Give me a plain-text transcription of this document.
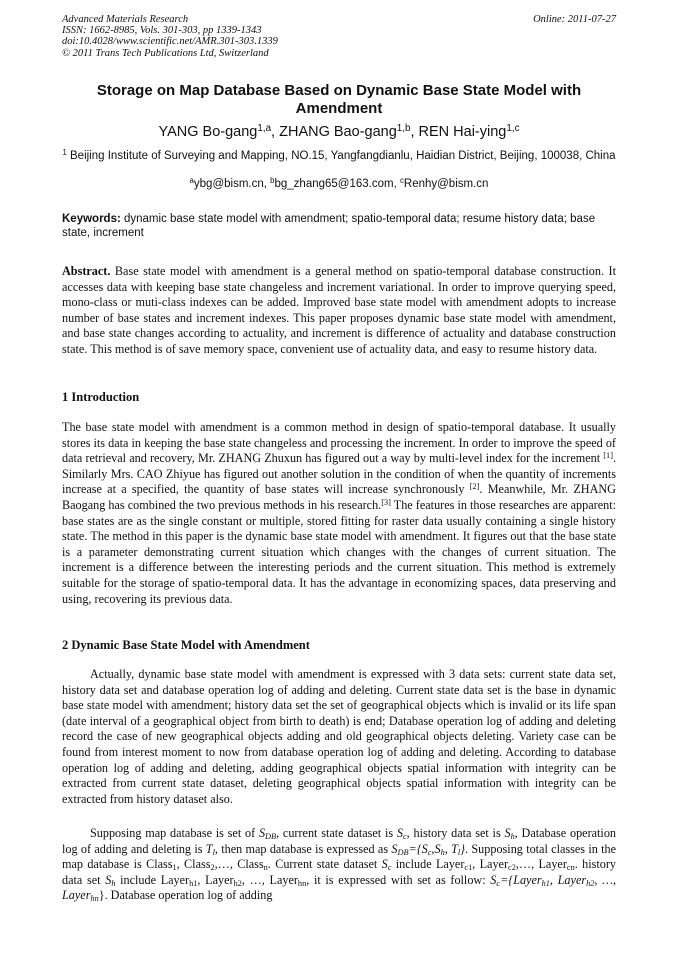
Advanced Materials Research
ISSN: 1662-8985, Vols. 301-303, pp 1339-1343
doi:10.4028/www.scientific.net/AMR.301-303.1339
© 2011 Trans Tech Publications Ltd, Switzerland
Online: 2011-07-27
Storage on Map Database Based on Dynamic Base State Model with Amendment
YANG Bo-gang$^{1,a}$, ZHANG Bao-gang$^{1,b}$, REN Hai-ying$^{1,c}$
$^1$ Beijing Institute of Surveying and Mapping, NO.15, Yangfangdianlu, Haidian District, Beijing, 100038, China
$^a$ybg@bism.cn, $^b$bg_zhang65@163.com, $^c$Renhy@bism.cn
Keywords: dynamic base state model with amendment; spatio-temporal data; resume history data; base state, increment
Abstract. Base state model with amendment is a general method on spatio-temporal database construction. It accesses data with keeping base state changeless and increment variational. In order to improve querying speed, mono-class or muti-class indexes can be added. Improved base state model with amendment adopts to increase number of base states and increment indexes. This paper proposes dynamic base state model with amendment, and base state changes according to actuality, and increment is difference of actuality and database construction state. This method is of save memory space, convenient use of actuality data, and easy to resume history data.
1 Introduction
The base state model with amendment is a common method in design of spatio-temporal database. It usually stores its data in keeping the base state changeless and processing the increment. In order to improve the speed of data retrieval and recovery, Mr. ZHANG Zhuxun has figured out a way by multi-level index for the increment [1]. Similarly Mrs. CAO Zhiyue has figured out another solution in the condition of when the quantity of increments increase at a specified, the quantity of base states will increase synchronously [2]. Meanwhile, Mr. ZHANG Baogang has combined the two previous methods in his research.[3] The features in those researches are apparent: base states are as the single constant or multiple, stored fitting for raster data usually containing a single history state. The method in this paper is the dynamic base state model with amendment. It figures out that the base state is a parameter demonstrating current situation which changes with the changes of current situation. The increment is a difference between the interesting periods and the current situation. This method is extremely suitable for the storage of spatio-temporal data. It has the advantage in economizing spaces, data preserving and using, recovering its previous data.
2 Dynamic Base State Model with Amendment
Actually, dynamic base state model with amendment is expressed with 3 data sets: current state data set, history data set and database operation log of adding and deleting. Current state data set is the base in dynamic base state model with amendment; history data set the set of geographical objects which is invalid or its life span (date interval of a geographical object from birth to death) is end; Database operation log of adding and deleting record the case of new geographical objects adding and old geographical objects deleting. Variety case can be found from interest moment to now from database operation log of adding and deleting. According to database operation log of adding and deleting, adding geographical objects spatial information with integrity can be extracted from current state dataset, deleting geographical objects spatial information with integrity can be extracted from history dataset also.
Supposing map database is set of $S_{DB}$, current state dataset is $S_c$, history data set is $S_h$, Database operation log of adding and deleting is $T_l$, then map database is expressed as $S_{DB}=\{S_c,S_h$, $T_l$}. Supposing total classes in the map database is Class$_1$, Class$_2$,…, Class$_n$. Current state dataset $S_c$ include Layer$_{c1}$, Layer$_{c2}$,…, Layer$_{cn}$. history data set $S_h$ include Layer$_{h1}$, Layer$_{h2}$, …, Layer$_{hn}$, it is expressed with set as follow: $S_c=\{Layer_{h1}$, Layer$_{h2}$, …, Layer$_{hn}$}. Database operation log of adding
